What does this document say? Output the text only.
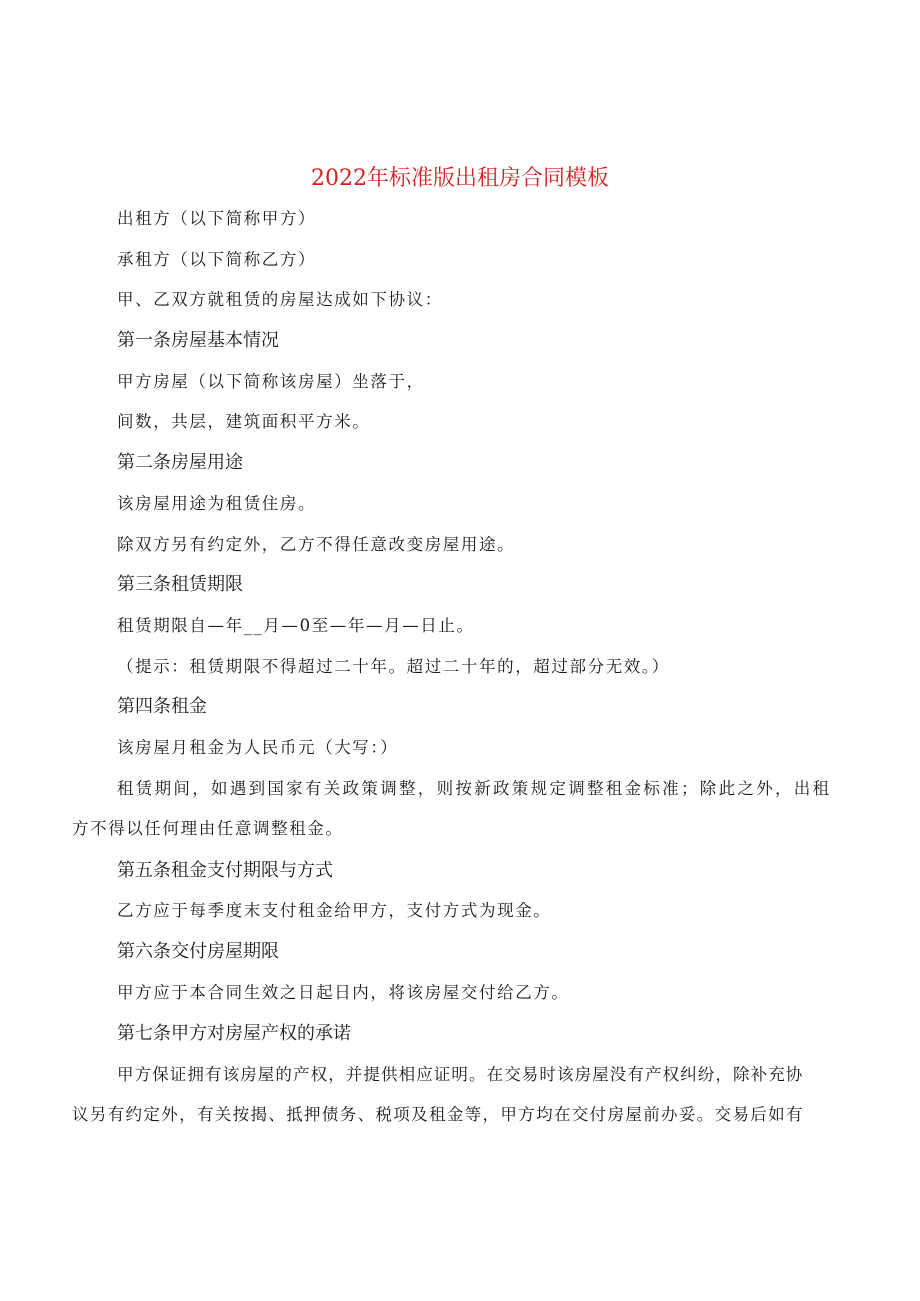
2022年标准版出租房合同模板
出租方（以下简称甲方）
承租方（以下简称乙方）
甲、乙双方就租赁的房屋达成如下协议：
第一条房屋基本情况
甲方房屋（以下简称该房屋）坐落于，
间数，共层，建筑面积平方米。
第二条房屋用途
该房屋用途为租赁住房。
除双方另有约定外，乙方不得任意改变房屋用途。
第三条租赁期限
租赁期限自—年__月—0至—年—月—日止。
（提示：租赁期限不得超过二十年。超过二十年的，超过部分无效。）
第四条租金
该房屋月租金为人民币元（大写：）
租赁期间，如遇到国家有关政策调整，则按新政策规定调整租金标准；除此之外，出租
方不得以任何理由任意调整租金。
第五条租金支付期限与方式
乙方应于每季度末支付租金给甲方，支付方式为现金。
第六条交付房屋期限
甲方应于本合同生效之日起日内，将该房屋交付给乙方。
第七条甲方对房屋产权的承诺
甲方保证拥有该房屋的产权，并提供相应证明。在交易时该房屋没有产权纠纷，除补充协
议另有约定外，有关按揭、抵押债务、税项及租金等，甲方均在交付房屋前办妥。交易后如有
